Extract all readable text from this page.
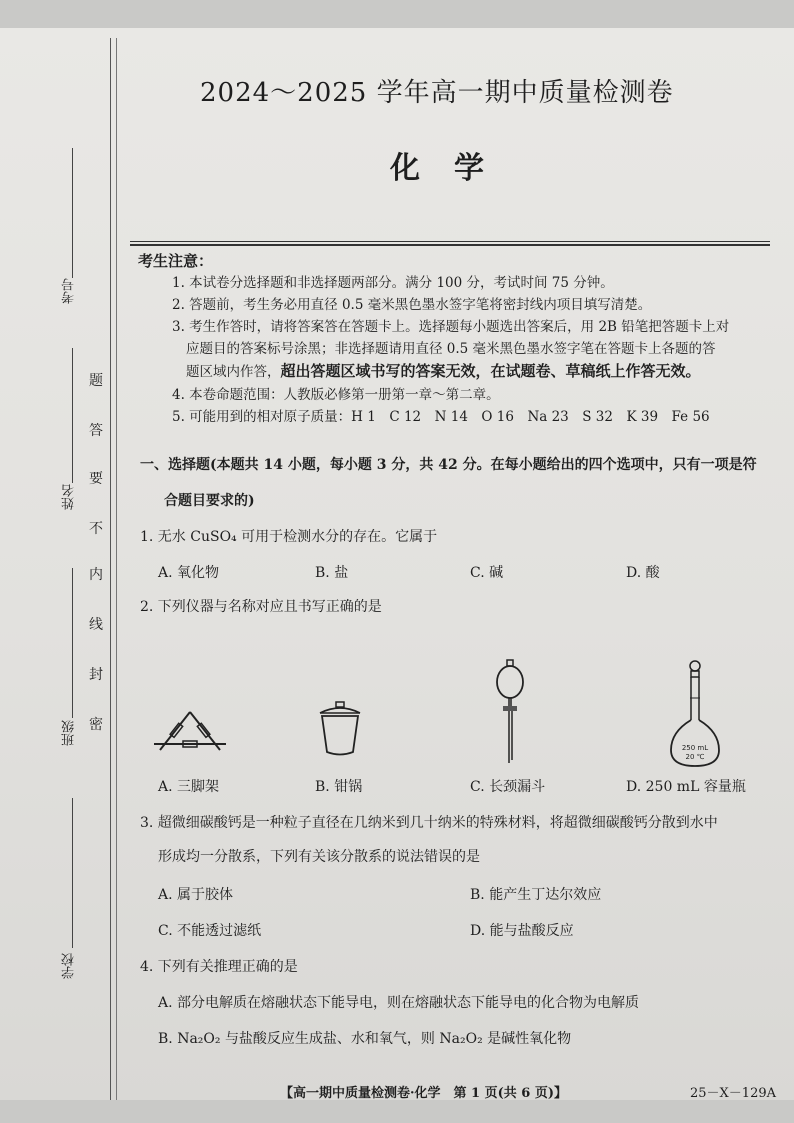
考号
姓名
班级
学校
密
封
线
内
不
要
答
题
2024～2025 学年高一期中质量检测卷
化学
考生注意：
1. 本试卷分选择题和非选择题两部分。满分 100 分，考试时间 75 分钟。
2. 答题前，考生务必用直径 0.5 毫米黑色墨水签字笔将密封线内项目填写清楚。
3. 考生作答时，请将答案答在答题卡上。选择题每小题选出答案后，用 2B 铅笔把答题卡上对
应题目的答案标号涂黑；非选择题请用直径 0.5 毫米黑色墨水签字笔在答题卡上各题的答
题区域内作答，超出答题区域书写的答案无效，在试题卷、草稿纸上作答无效。
4. 本卷命题范围：人教版必修第一册第一章～第二章。
5. 可能用到的相对原子质量：H 1　C 12　N 14　O 16　Na 23　S 32　K 39　Fe 56
一、选择题(本题共 14 小题，每小题 3 分，共 42 分。在每小题给出的四个选项中，只有一项是符
合题目要求的)
1. 无水 CuSO₄ 可用于检测水分的存在。它属于
A. 氧化物	B. 盐	C. 碱	D. 酸
2. 下列仪器与名称对应且书写正确的是
250 mL
20 ℃
A. 三脚架	B. 钳锅	C. 长颈漏斗	D. 250 mL 容量瓶
3. 超微细碳酸钙是一种粒子直径在几纳米到几十纳米的特殊材料，将超微细碳酸钙分散到水中
形成均一分散系，下列有关该分散系的说法错误的是
A. 属于胶体	B. 能产生丁达尔效应
C. 不能透过滤纸	D. 能与盐酸反应
4. 下列有关推理正确的是
A. 部分电解质在熔融状态下能导电，则在熔融状态下能导电的化合物为电解质
B. Na₂O₂ 与盐酸反应生成盐、水和氧气，则 Na₂O₂ 是碱性氧化物
【高一期中质量检测卷·化学　第 1 页(共 6 页)】	25－X－129A
